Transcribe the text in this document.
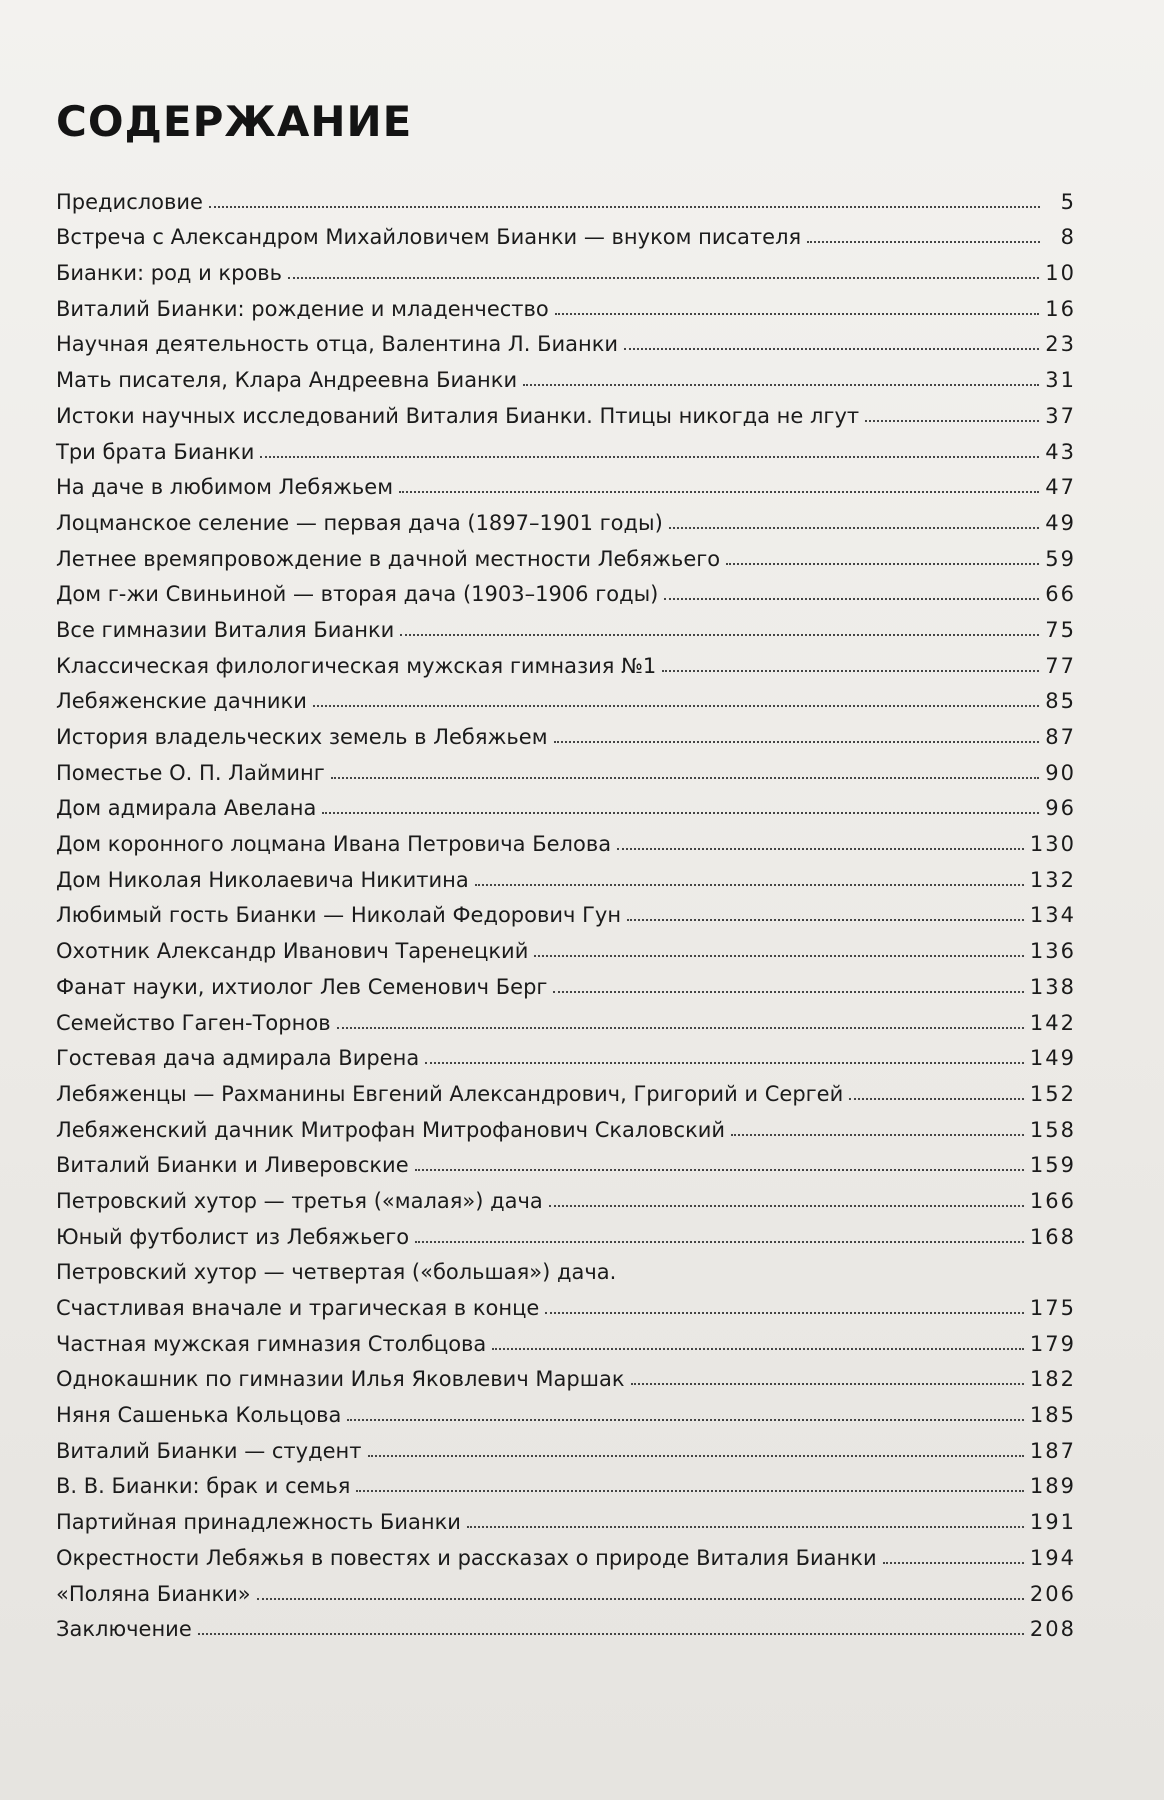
СОДЕРЖАНИЕ
Предисловие	5
Встреча с Александром Михайловичем Бианки — внуком писателя	8
Бианки: род и кровь	10
Виталий Бианки: рождение и младенчество	16
Научная деятельность отца, Валентина Л. Бианки	23
Мать писателя, Клара Андреевна Бианки	31
Истоки научных исследований Виталия Бианки. Птицы никогда не лгут	37
Три брата Бианки	43
На даче в любимом Лебяжьем	47
Лоцманское селение — первая дача (1897–1901 годы)	49
Летнее времяпровождение в дачной местности Лебяжьего	59
Дом г-жи Свиньиной — вторая дача (1903–1906 годы)	66
Все гимназии Виталия Бианки	75
Классическая филологическая мужская гимназия №1	77
Лебяженские дачники	85
История владельческих земель в Лебяжьем	87
Поместье О. П. Лайминг	90
Дом адмирала Авелана	96
Дом коронного лоцмана Ивана Петровича Белова	130
Дом Николая Николаевича Никитина	132
Любимый гость Бианки — Николай Федорович Гун	134
Охотник Александр Иванович Таренецкий	136
Фанат науки, ихтиолог Лев Семенович Берг	138
Семейство Гаген-Торнов	142
Гостевая дача адмирала Вирена	149
Лебяженцы — Рахманины Евгений Александрович, Григорий и Сергей	152
Лебяженский дачник Митрофан Митрофанович Скаловский	158
Виталий Бианки и Ливеровские	159
Петровский хутор — третья («малая») дача	166
Юный футболист из Лебяжьего	168
Петровский хутор — четвертая («большая») дача.
Счастливая вначале и трагическая в конце	175
Частная мужская гимназия Столбцова	179
Однокашник по гимназии Илья Яковлевич Маршак	182
Няня Сашенька Кольцова	185
Виталий Бианки — студент	187
В. В. Бианки: брак и семья	189
Партийная принадлежность Бианки	191
Окрестности Лебяжья в повестях и рассказах о природе Виталия Бианки	194
«Поляна Бианки»	206
Заключение	208
